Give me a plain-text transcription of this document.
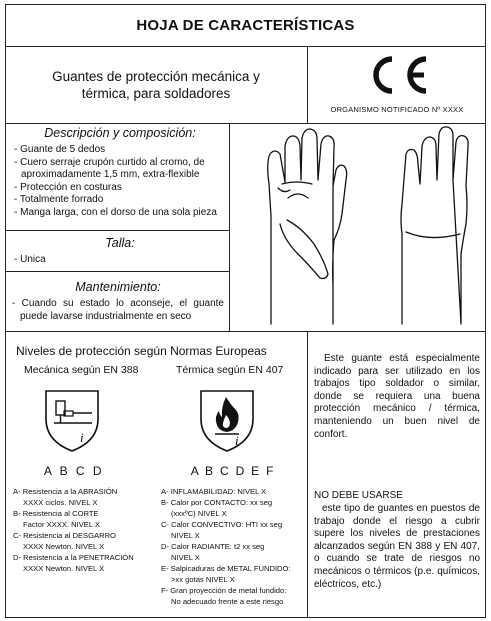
HOJA DE CARACTERÍSTICAS
Guantes de protección mecánica y
térmica, para soldadores
ORGANISMO NOTIFICADO Nº XXXX
Descripción y composición:
- Guante de 5 dedos
- Cuero serraje crupón curtido al cromo, de
aproximadamente 1,5 mm, extra-flexible
- Protección en costuras
- Totalmente forrado
- Manga larga, con el dorso de una sola pieza
Talla:
- Unica
Mantenimiento:
- Cuando su estado lo aconseje, el guante
puede lavarse industrialmente en seco
Niveles de protección según Normas Europeas
Mecánica según EN 388
i
A B C D
A- Resistencia a la ABRASIÓN
XXXX ciclos. NIVEL X
B- Resistencia al CORTE
Factor XXXX. NIVEL X
C- Resistencia al DESGARRO
XXXX Newton. NIVEL X
D- Resistencia a la PENETRACIÓN
XXXX Newton. NIVEL X
Térmica según EN 407
i
A B C D E F
A- INFLAMABILIDAD: NIVEL X
B- Calor por CONTACTO: xx seg
(xxxºC) NIVEL X
C- Calor CONVECTIVO: HTI xx seg
NIVEL X
D- Calor RADIANTE: t2 xx seg
NIVEL X
E- Salpicaduras de METAL FUNDIDO:
>xx gotas NIVEL X
F- Gran proyección de metal fundido:
No adecuado frente a este riesgo
Este guante está especialmente indicado para ser utilizado en los trabajos tipo soldador o similar, donde se requiera una buena protección mecánico / térmica, manteniendo un buen nivel de confort.
NO DEBE USARSE
este tipo de guantes en puestos de trabajo donde el riesgo a cubrir supere los niveles de prestaciones alcanzados según EN 388 y EN 407, o cuando se trate de riesgos no mecánicos o térmicos (p.e. químicos, eléctricos, etc.)
